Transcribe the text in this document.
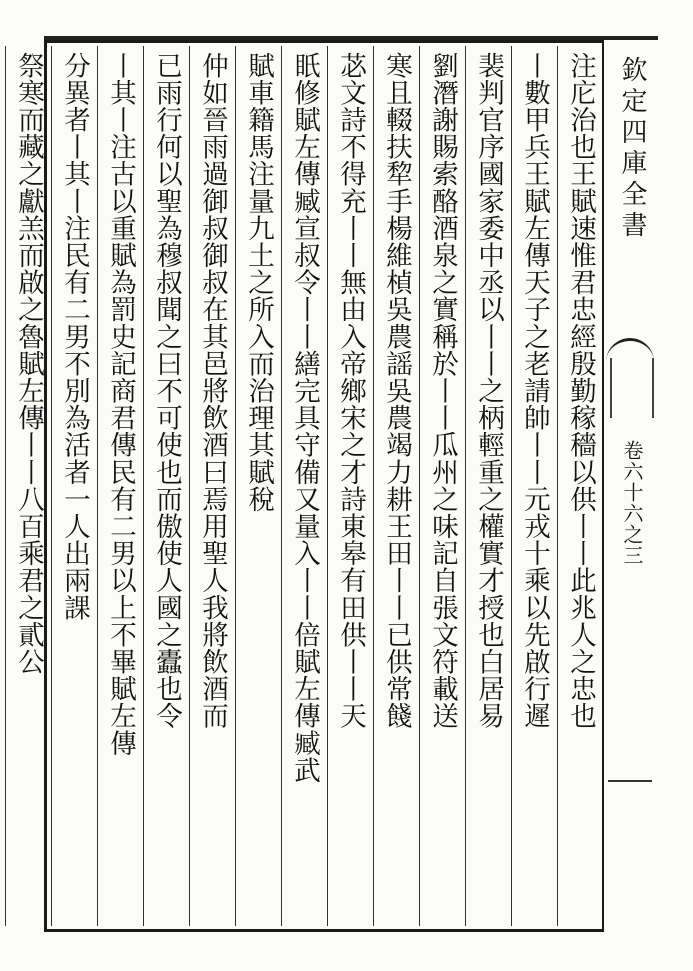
欽定四庫全書
卷六十六之三
注庀治也王賦速惟君忠經殷勤稼穡以供丨丨此兆人之忠也
丨數甲兵王賦左傳天子之老請帥丨丨元戎十乘以先啟行遲
裴判官序國家委中丞以丨丨之柄輕重之權實才授也白居易
劉潛謝賜索酪酒泉之實稱於丨丨瓜州之味記自張文符載送
寒且輟扶犂手楊維楨吳農謡吳農竭力耕王田丨丨已供常餞
苾文詩不得充丨丨無由入帝鄉宋之才詩東皋有田供丨丨天
眂修賦左傳臧宣叔令丨丨繕完具守備又量入丨丨倍賦左傳臧武
賦車籍馬注量九土之所入而治理其賦稅
仲如晉雨過御叔御叔在其邑將飲酒曰焉用聖人我將飲酒而
已雨行何以聖為穆叔聞之曰不可使也而傲使人國之蠹也令
丨其丨注古以重賦為罰史記商君傳民有二男以上不畢賦左傳
分異者丨其丨注民有二男不別為活者一人出兩課
祭寒而藏之獻羔而啟之魯賦左傳丨丨八百乘君之貳公
